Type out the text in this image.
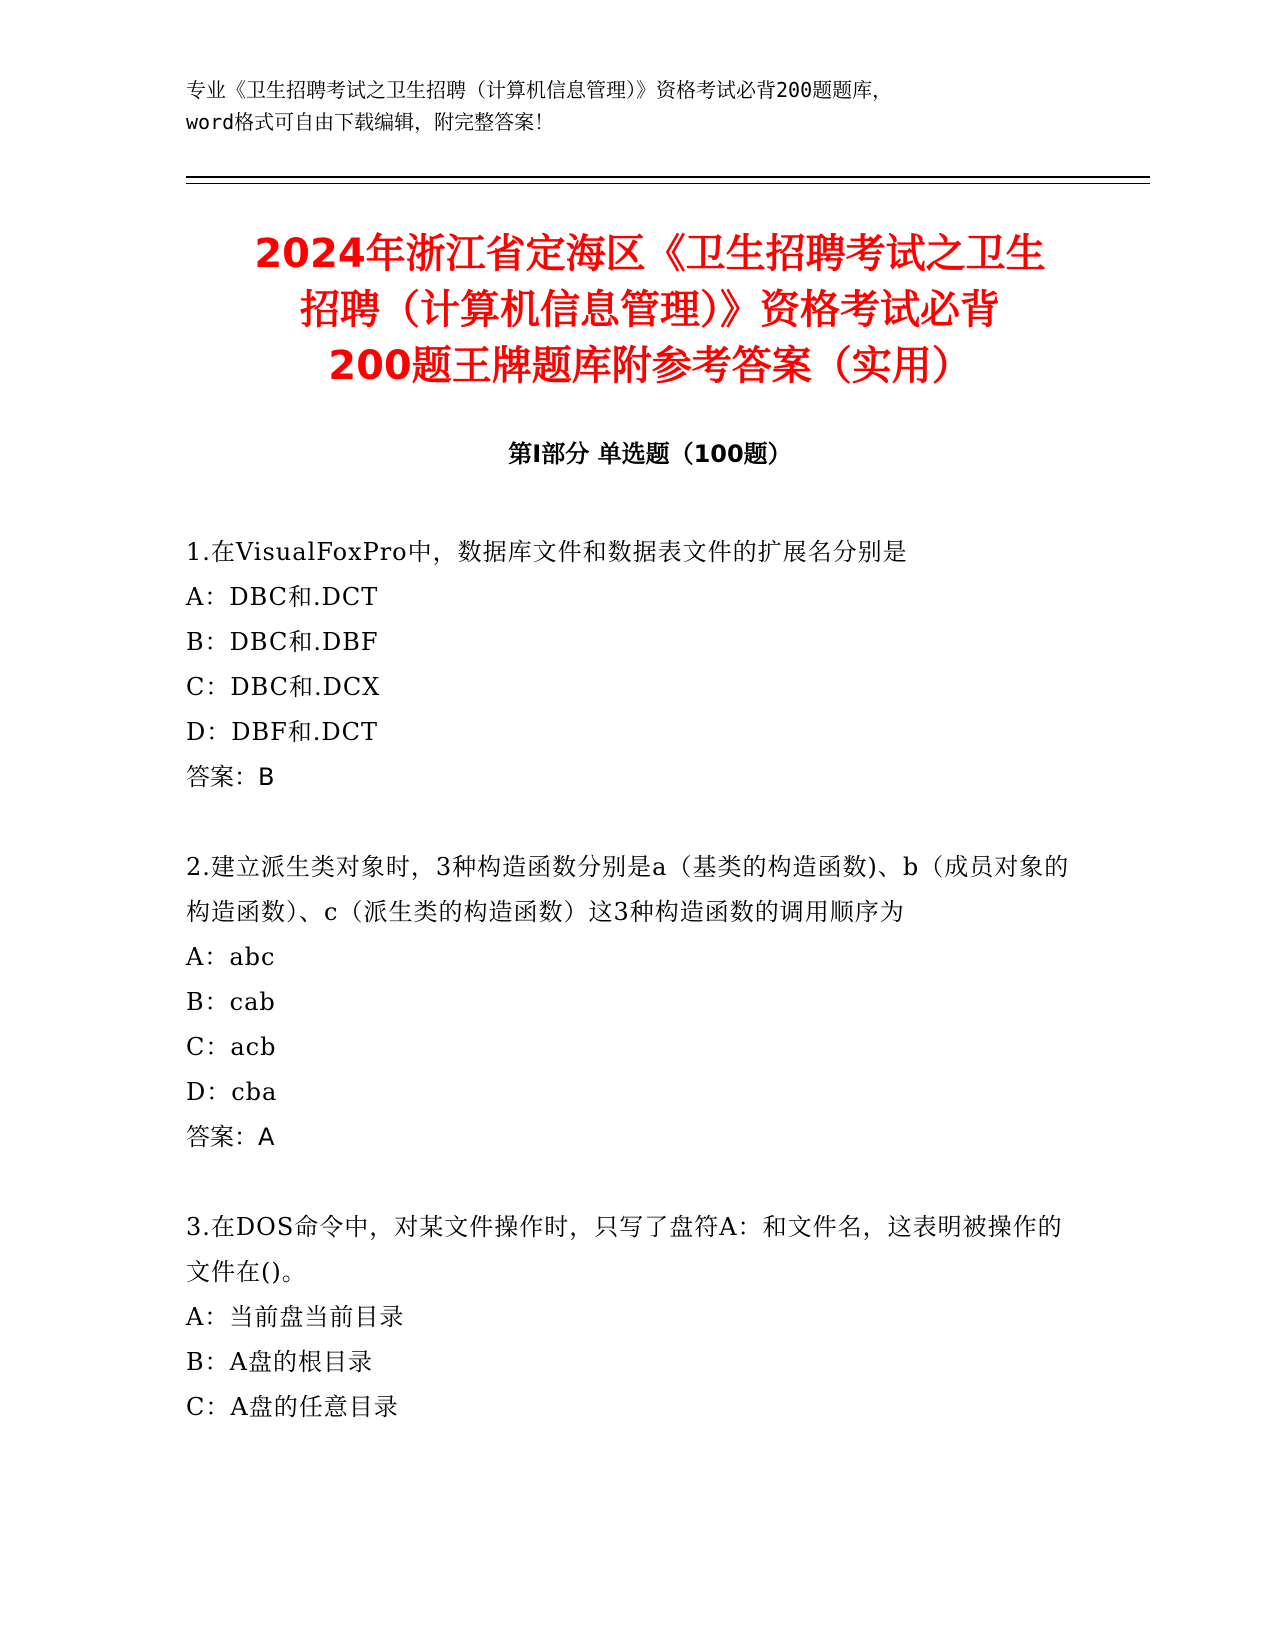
专业《卫生招聘考试之卫生招聘（计算机信息管理）》资格考试必背200题题库，
word格式可自由下载编辑，附完整答案！
2024年浙江省定海区《卫生招聘考试之卫生
招聘（计算机信息管理）》资格考试必背
200题王牌题库附参考答案（实用）
第Ⅰ部分 单选题（100题）
1.在VisualFoxPro中，数据库文件和数据表文件的扩展名分别是
A：DBC和.DCT
B：DBC和.DBF
C：DBC和.DCX
D：DBF和.DCT
答案：B
2.建立派生类对象时，3种构造函数分别是a（基类的构造函数)、b（成员对象的构造函数）、c（派生类的构造函数）这3种构造函数的调用顺序为
A：abc
B：cab
C：acb
D：cba
答案：A
3.在DOS命令中，对某文件操作时，只写了盘符A：和文件名，这表明被操作的文件在()。
A：当前盘当前目录
B：A盘的根目录
C：A盘的任意目录
